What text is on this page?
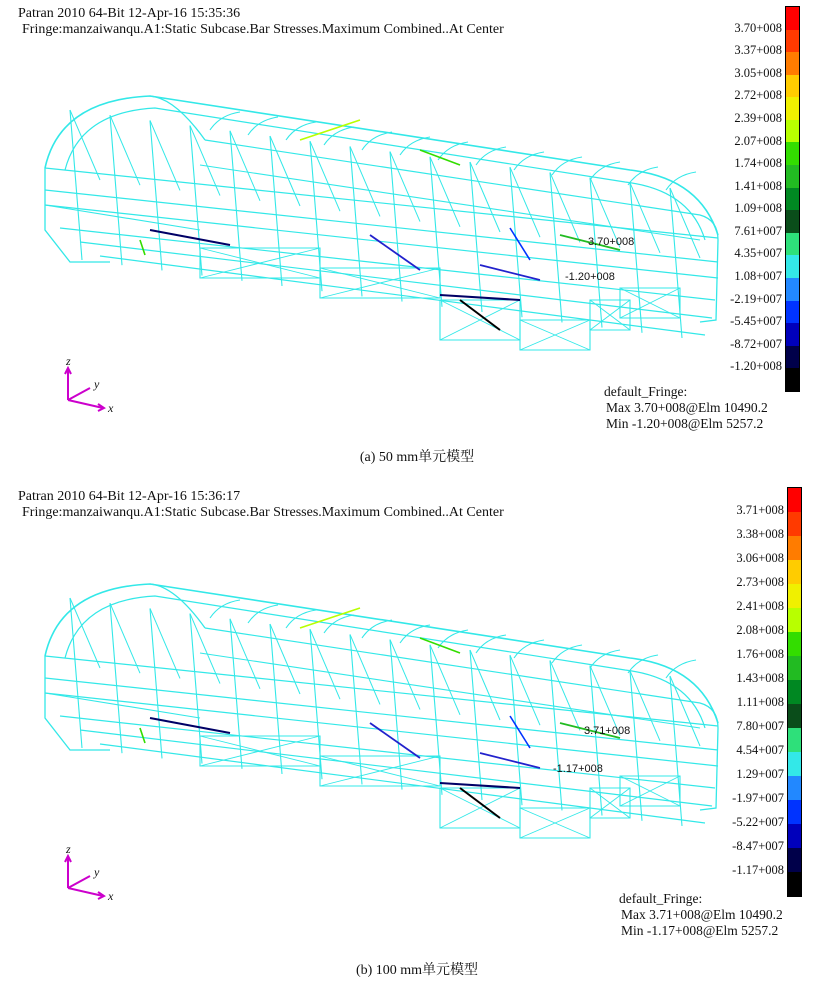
Patran 2010 64-Bit 12-Apr-16 15:35:36
Fringe:manzaiwanqu.A1:Static Subcase.Bar Stresses.Maximum Combined..At Center
z
y
x
3.70+008
-1.20+008
3.70+008
3.37+008
3.05+008
2.72+008
2.39+008
2.07+008
1.74+008
1.41+008
1.09+008
7.61+007
4.35+007
1.08+007
-2.19+007
-5.45+007
-8.72+007
-1.20+008
default_Fringe:
Max 3.70+008@Elm 10490.2
Min -1.20+008@Elm 5257.2
(a) 50 mm单元模型
Patran 2010 64-Bit 12-Apr-16 15:36:17
Fringe:manzaiwanqu.A1:Static Subcase.Bar Stresses.Maximum Combined..At Center
z
y
x
3.71+008
-1.17+008
3.71+008
3.38+008
3.06+008
2.73+008
2.41+008
2.08+008
1.76+008
1.43+008
1.11+008
7.80+007
4.54+007
1.29+007
-1.97+007
-5.22+007
-8.47+007
-1.17+008
default_Fringe:
Max 3.71+008@Elm 10490.2
Min -1.17+008@Elm 5257.2
(b) 100 mm单元模型
